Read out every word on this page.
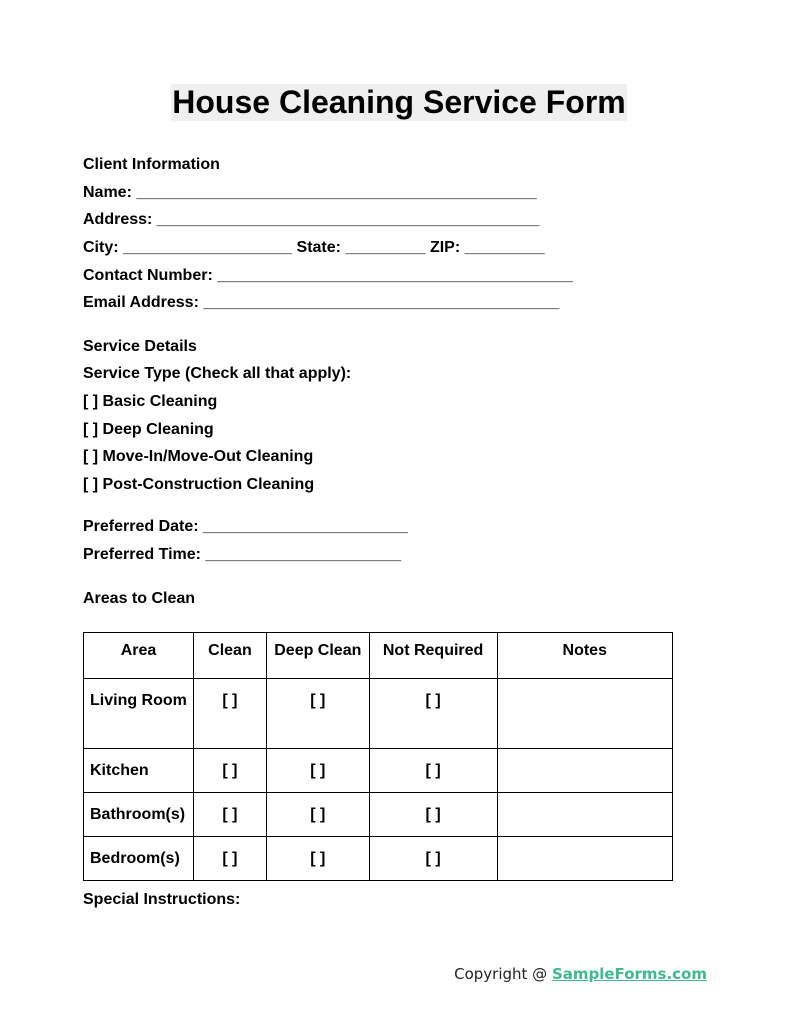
House Cleaning Service Form
Client Information
Name: _____________________________________________
Address: ___________________________________________
City: ___________________ State: _________ ZIP: _________
Contact Number: ________________________________________
Email Address: ________________________________________
Service Details
Service Type (Check all that apply):
[ ] Basic Cleaning
[ ] Deep Cleaning
[ ] Move-In/Move-Out Cleaning
[ ] Post-Construction Cleaning
Preferred Date: _______________________
Preferred Time: ______________________
Areas to Clean
Area	Clean	Deep Clean	Not Required	Notes
Living Room	[ ]	[ ]	[ ]	
Kitchen	[ ]	[ ]	[ ]	
Bathroom(s)	[ ]	[ ]	[ ]	
Bedroom(s)	[ ]	[ ]	[ ]	
Special Instructions:
Copyright @ SampleForms.com
